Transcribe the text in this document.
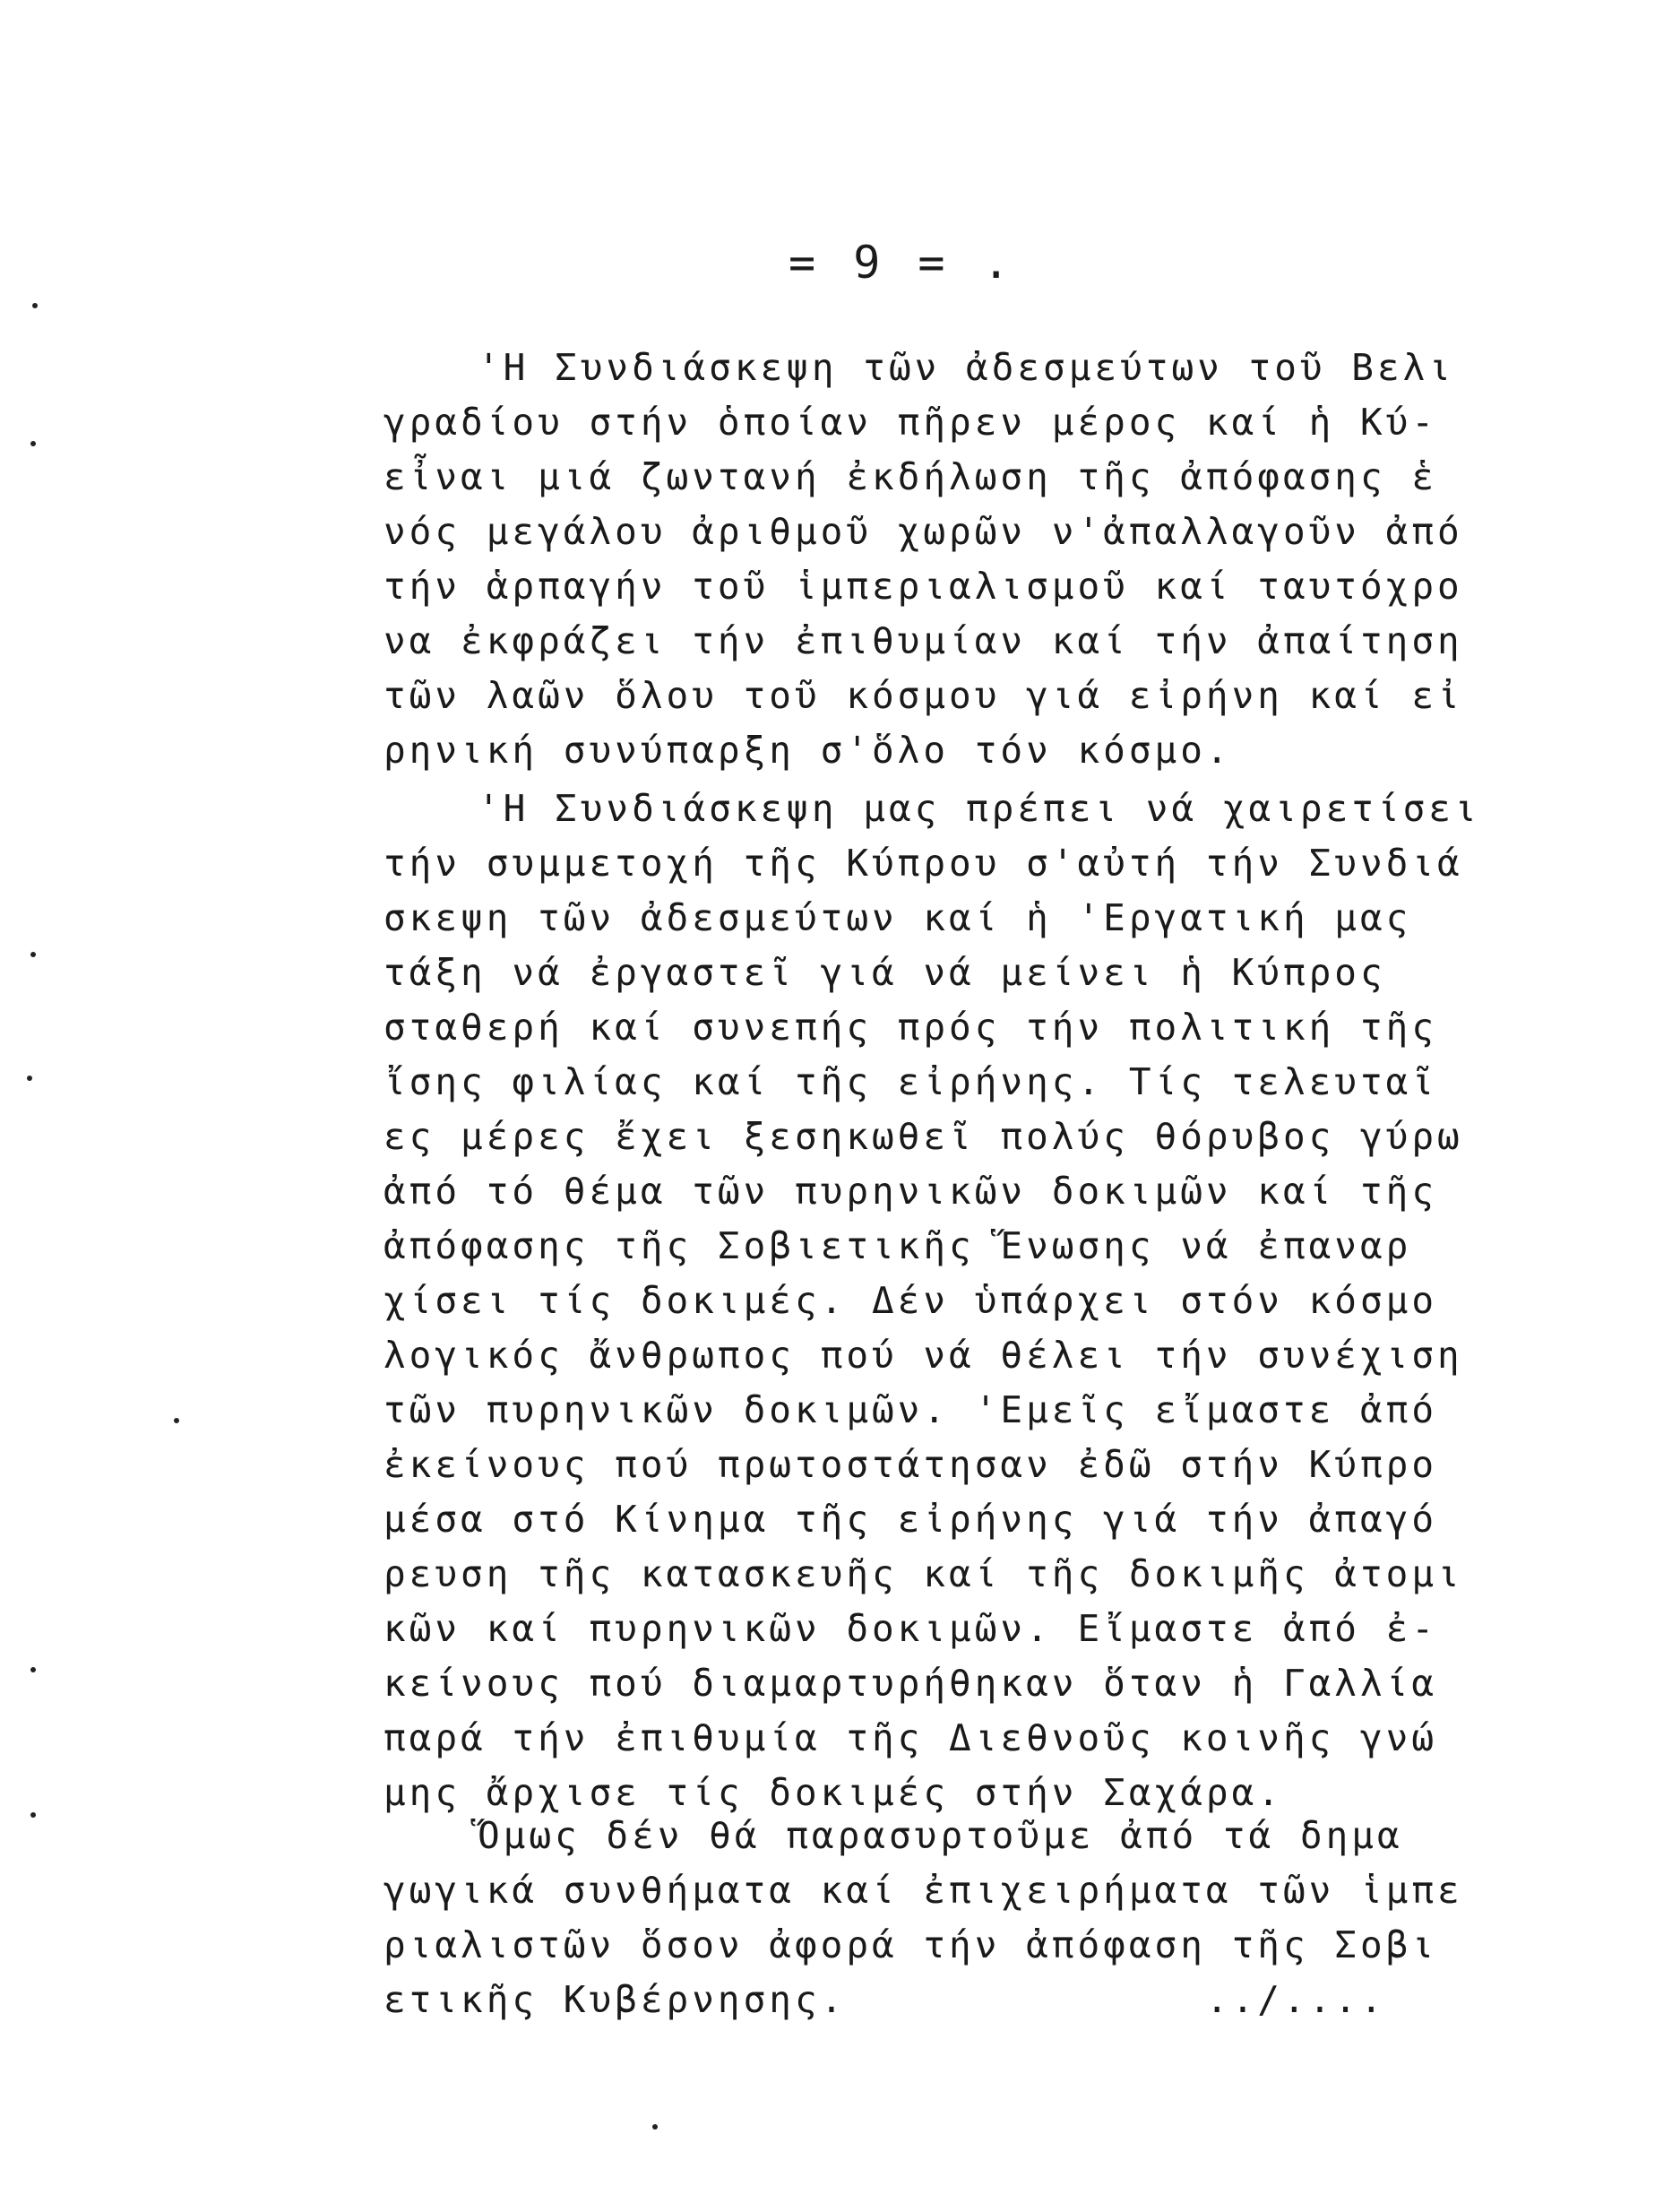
= 9 = .
'Η Συνδιάσκεψη τῶν ἀδεσμεύτων τοῦ Βελι
γραδίου στήν ὁποίαν πῆρεν μέρος καί ἡ Κύ-
εἶναι μιά ζωντανή ἐκδήλωση τῆς ἀπόφασης ἑ
νός μεγάλου ἀριθμοῦ χωρῶν ν'ἀπαλλαγοῦν ἀπό
τήν ἁρπαγήν τοῦ ἱμπεριαλισμοῦ καί ταυτόχρο
να ἐκφράζει τήν ἐπιθυμίαν καί τήν ἀπαίτηση
τῶν λαῶν ὅλου τοῦ κόσμου γιά εἰρήνη καί εἰ
ρηνική συνύπαρξη σ'ὅλο τόν κόσμο.
'Η Συνδιάσκεψη μας πρέπει νά χαιρετίσει
τήν συμμετοχή τῆς Κύπρου σ'αὐτή τήν Συνδιά
σκεψη τῶν ἀδεσμεύτων καί ἡ 'Εργατική μας
τάξη νά ἐργαστεῖ γιά νά μείνει ἡ Κύπρος
σταθερή καί συνεπής πρός τήν πολιτική τῆς
ἴσης φιλίας καί τῆς εἰρήνης. Τίς τελευταῖ
ες μέρες ἔχει ξεσηκωθεῖ πολύς θόρυβος γύρω
ἀπό τό θέμα τῶν πυρηνικῶν δοκιμῶν καί τῆς
ἀπόφασης τῆς Σοβιετικῆς Ἕνωσης νά ἐπαναρ
χίσει τίς δοκιμές. Δέν ὑπάρχει στόν κόσμο
λογικός ἄνθρωπος πού νά θέλει τήν συνέχιση
τῶν πυρηνικῶν δοκιμῶν. 'Εμεῖς εἴμαστε ἀπό
ἐκείνους πού πρωτοστάτησαν ἐδῶ στήν Κύπρο
μέσα στό Κίνημα τῆς εἰρήνης γιά τήν ἀπαγό
ρευση τῆς κατασκευῆς καί τῆς δοκιμῆς ἀτομι
κῶν καί πυρηνικῶν δοκιμῶν. Εἴμαστε ἀπό ἐ-
κείνους πού διαμαρτυρήθηκαν ὅταν ἡ Γαλλία
παρά τήν ἐπιθυμία τῆς Διεθνοῦς κοινῆς γνώ
μης ἄρχισε τίς δοκιμές στήν Σαχάρα.
Ὅμως δέν θά παρασυρτοῦμε ἀπό τά δημα
γωγικά συνθήματα καί ἐπιχειρήματα τῶν ἱμπε
ριαλιστῶν ὅσον ἀφορά τήν ἀπόφαση τῆς Σοβι
ετικῆς Κυβέρνησης.              ../....
